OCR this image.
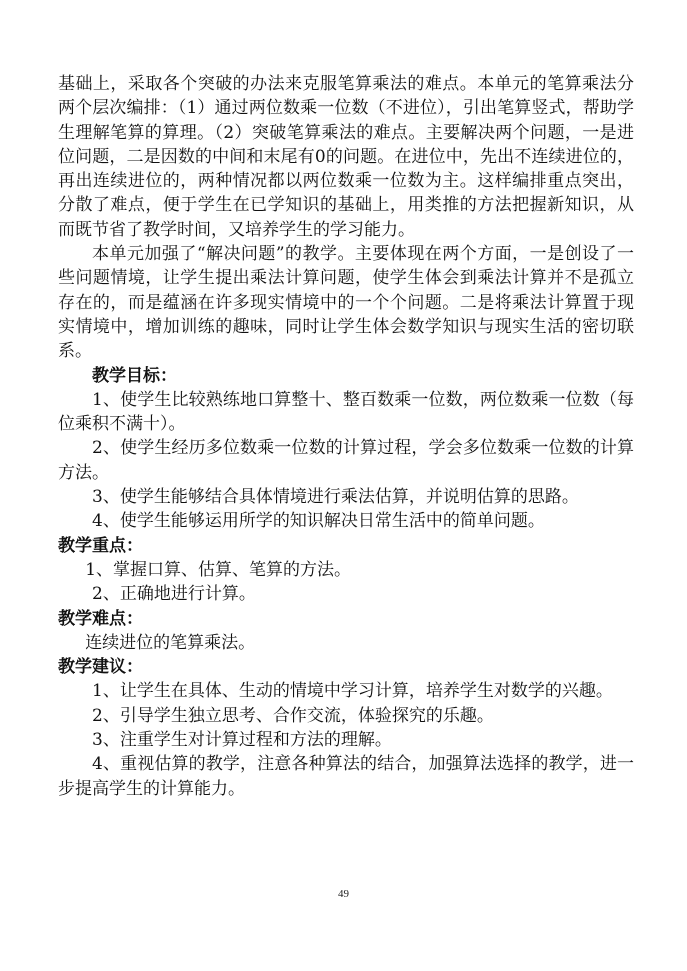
基础上，采取各个突破的办法来克服笔算乘法的难点。本单元的笔算乘法分两个层次编排：（1）通过两位数乘一位数（不进位），引出笔算竖式，帮助学生理解笔算的算理。（2）突破笔算乘法的难点。主要解决两个问题，一是进位问题，二是因数的中间和末尾有0的问题。在进位中，先出不连续进位的，再出连续进位的，两种情况都以两位数乘一位数为主。这样编排重点突出，分散了难点，便于学生在已学知识的基础上，用类推的方法把握新知识，从而既节省了教学时间，又培养学生的学习能力。

本单元加强了“解决问题”的教学。主要体现在两个方面，一是创设了一些问题情境，让学生提出乘法计算问题，使学生体会到乘法计算并不是孤立存在的，而是蕴涵在许多现实情境中的一个个问题。二是将乘法计算置于现实情境中，增加训练的趣味，同时让学生体会数学知识与现实生活的密切联系。

教学目标：

1、使学生比较熟练地口算整十、整百数乘一位数，两位数乘一位数（每位乘积不满十）。

2、使学生经历多位数乘一位数的计算过程，学会多位数乘一位数的计算方法。

3、使学生能够结合具体情境进行乘法估算，并说明估算的思路。

4、使学生能够运用所学的知识解决日常生活中的简单问题。

教学重点：

1、掌握口算、估算、笔算的方法。

2、正确地进行计算。

教学难点：

连续进位的笔算乘法。

教学建议：

1、让学生在具体、生动的情境中学习计算，培养学生对数学的兴趣。

2、引导学生独立思考、合作交流，体验探究的乐趣。

3、注重学生对计算过程和方法的理解。

4、重视估算的教学，注意各种算法的结合，加强算法选择的教学，进一步提高学生的计算能力。

49
